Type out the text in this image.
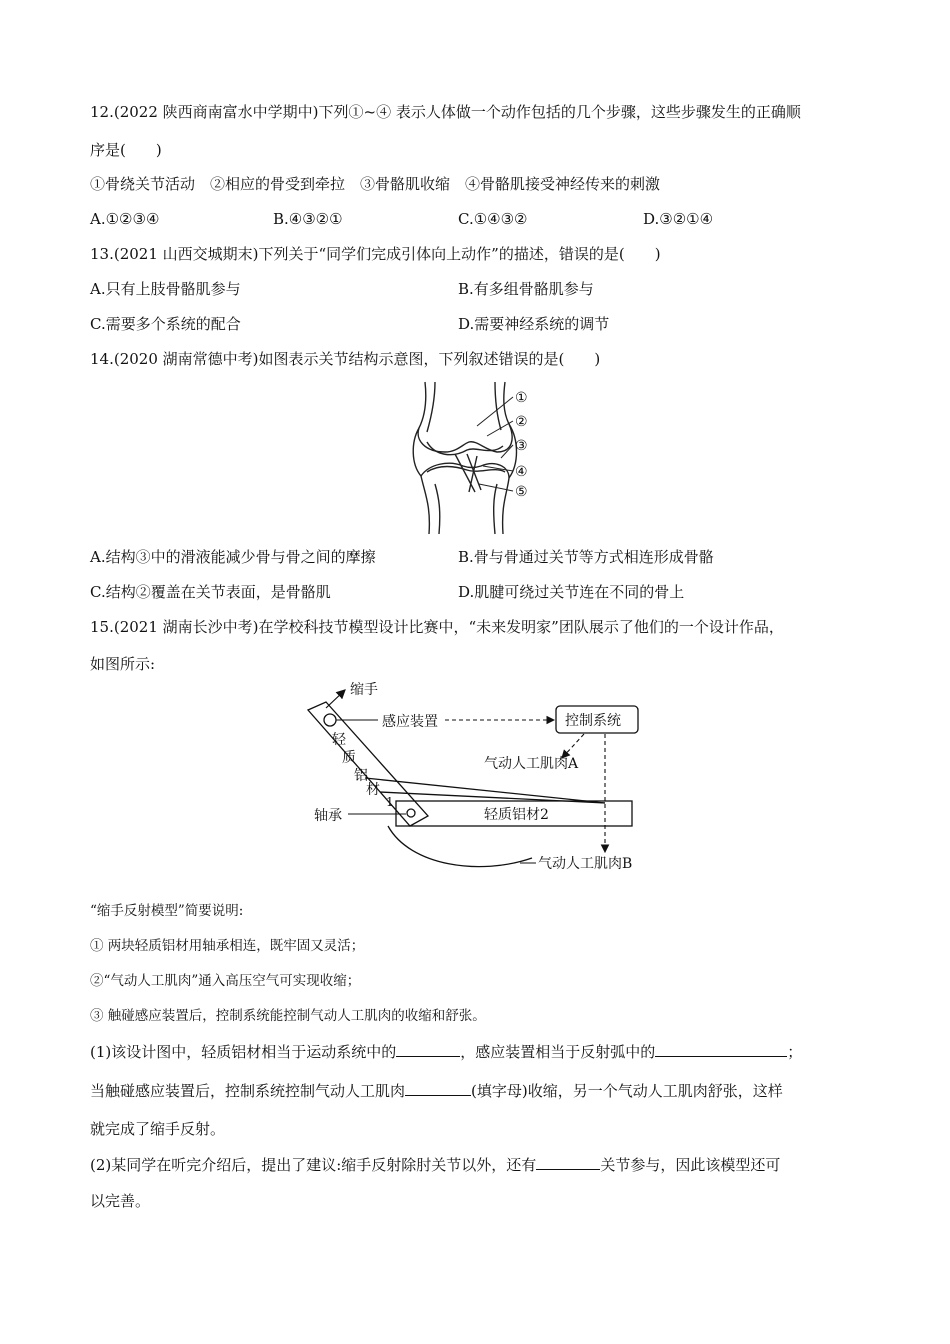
12.(2022 陕西商南富水中学期中)下列①~④ 表示人体做一个动作包括的几个步骤，这些步骤发生的正确顺
序是(　　)
①骨绕关节活动　②相应的骨受到牵拉　③骨骼肌收缩　④骨骼肌接受神经传来的刺激
A.①②③④	B.④③②①	C.①④③②	D.③②①④
13.(2021 山西交城期末)下列关于“同学们完成引体向上动作”的描述，错误的是(　　)
A.只有上肢骨骼肌参与	B.有多组骨骼肌参与
C.需要多个系统的配合	D.需要神经系统的调节
14.(2020 湖南常德中考)如图表示关节结构示意图，下列叙述错误的是(　　)
①
②
③
④
⑤
A.结构③中的滑液能减少骨与骨之间的摩擦	B.骨与骨通过关节等方式相连形成骨骼
C.结构②覆盖在关节表面，是骨骼肌	D.肌腱可绕过关节连在不同的骨上
15.(2021 湖南长沙中考)在学校科技节模型设计比赛中，“未来发明家”团队展示了他们的一个设计作品，
如图所示:
缩手
感应装置	控制系统
气动人工肌肉A
轻
质
铝
材
1
轴承	轻质铝材2
气动人工肌肉B
“缩手反射模型”简要说明:
① 两块轻质铝材用轴承相连，既牢固又灵活；
②“气动人工肌肉”通入高压空气可实现收缩；
③ 触碰感应装置后，控制系统能控制气动人工肌肉的收缩和舒张。
(1)该设计图中，轻质铝材相当于运动系统中的	，感应装置相当于反射弧中的	；
当触碰感应装置后，控制系统控制气动人工肌肉	(填字母)收缩，另一个气动人工肌肉舒张，这样
就完成了缩手反射。
(2)某同学在听完介绍后，提出了建议:缩手反射除肘关节以外，还有	关节参与，因此该模型还可
以完善。
